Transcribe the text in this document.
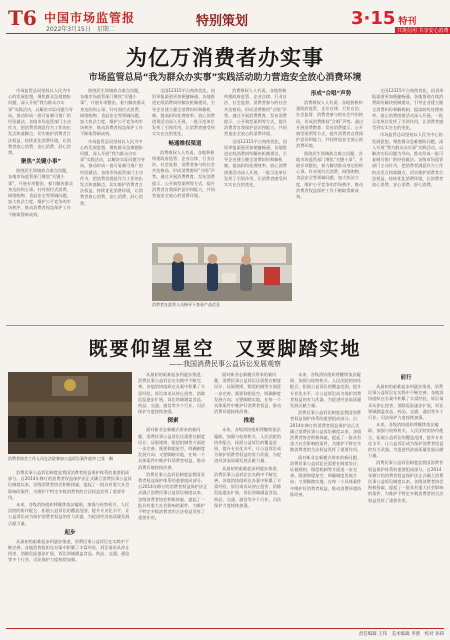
T6 中国市场监管报
2022年3月15日　 星期二
特别策划	3·15 特刊
共筑信用 共享安心消费
为亿万消费者办实事
市场监管总局“我为群众办实事”实践活动助力营造安全放心消费环境

市场监管总局坚持以人民为中心的发展思想，聚焦群众急难愁盼问题，深入开展“我为群众办实事”实践活动，以解决实际问题为导向，推动形成一批可复制可推广的经验做法。各级市场监管部门主动作为，把消费者满意作为工作的出发点和落脚点，切实维护消费者合法权益，持续优化消费环境，让消费者放心消费、安心消费、舒心消费。

聚焦“关键小事”

围绕民生领域热点难点问题，各地市场监管部门聚焦“关键小事”，开展专项整治，着力解决群众身边的烦心事。针对预付式消费、网络购物、食品安全等领域问题，加大执法力度，维护公平竞争的市场秩序，推动消费者权益保护工作不断取得新成效。

围绕民生领域热点难点问题，各地市场监管部门聚焦“关键小事”，开展专项整治，着力解决群众身边的烦心事。针对预付式消费、网络购物、食品安全等领域问题，加大执法力度，维护公平竞争的市场秩序，推动消费者权益保护工作不断取得新成效。

市场监管总局坚持以人民为中心的发展思想，聚焦群众急难愁盼问题，深入开展“我为群众办实事”实践活动，以解决实际问题为导向，推动形成一批可复制可推广的经验做法。各级市场监管部门主动作为，把消费者满意作为工作的出发点和落脚点，切实维护消费者合法权益，持续优化消费环境，让消费者放心消费、安心消费、舒心消费。

全国12315平台持续优化，投诉举报渠道更加便捷畅通。各地推进在线消费纠纷解决机制建设，引导企业建立健全消费纠纷和解机制，提高纠纷处理效率。放心消费创建活动深入开展，一批示范单位发挥了引领作用，让消费者感受到实实在在的变化。

畅通维权渠道

消费维权人人有责。各地积极构建政府监管、企业自律、行业自治、社会监督、消费者参与的社会共治格局，形成消费维权“合唱”声势。通过开展消费教育、发布消费提示、公开典型案例等方式，提升消费者自我保护意识和能力，共同营造安全放心的消费环境。

消费维权人人有责。各地积极构建政府监管、企业自律、行业自治、社会监督、消费者参与的社会共治格局，形成消费维权“合唱”声势。通过开展消费教育、发布消费提示、公开典型案例等方式，提升消费者自我保护意识和能力，共同营造安全放心的消费环境。

全国12315平台持续优化，投诉举报渠道更加便捷畅通。各地推进在线消费纠纷解决机制建设，引导企业建立健全消费纠纷和解机制，提高纠纷处理效率。放心消费创建活动深入开展，一批示范单位发挥了引领作用，让消费者感受到实实在在的变化。

形成“合唱”声势

消费维权人人有责。各地积极构建政府监管、企业自律、行业自治、社会监督、消费者参与的社会共治格局，形成消费维权“合唱”声势。通过开展消费教育、发布消费提示、公开典型案例等方式，提升消费者自我保护意识和能力，共同营造安全放心的消费环境。

围绕民生领域热点难点问题，各地市场监管部门聚焦“关键小事”，开展专项整治，着力解决群众身边的烦心事。针对预付式消费、网络购物、食品安全等领域问题，加大执法力度，维护公平竞争的市场秩序，推动消费者权益保护工作不断取得新成效。

全国12315平台持续优化，投诉举报渠道更加便捷畅通。各地推进在线消费纠纷解决机制建设，引导企业建立健全消费纠纷和解机制，提高纠纷处理效率。放心消费创建活动深入开展，一批示范单位发挥了引领作用，让消费者感受到实实在在的变化。

市场监管总局坚持以人民为中心的发展思想，聚焦群众急难愁盼问题，深入开展“我为群众办实事”实践活动，以解决实际问题为导向，推动形成一批可复制可推广的经验做法。各级市场监管部门主动作为，把消费者满意作为工作的出发点和落脚点，切实维护消费者合法权益，持续优化消费环境，让消费者放心消费、安心消费、舒心消费。

消费者在监管人员指导下查看产品信息
既要仰望星空　又要脚踏实地
——我国消费民事公益诉讼发展观察
消费者协会工作人员在法院参加公益诉讼案件庭审 □张　琳

消费民事公益诉讼制度是我国消费者权益保护体系的重要组成部分。自2014年修订的消费者权益保护法正式确立消费民事公益诉讼制度以来，各级消费者协会积极探索，提起了一批具有重大社会影响的案件，为维护不特定多数消费者的合法权益发挥了重要作用。

未来，各级消协组织将继续依法履职，加强与检察机关、人民法院的协作配合，拓展公益诉讼的覆盖范围，提升专业化水平，让公益诉讼成为保护消费者权益的有力武器，为促进经济高质量发展贡献力量。

起步

从最初的艰难起步到逐步推进，消费民事公益诉讼在实践中不断完善。各地消协组织在办案中积累了丰富经验，诉讼请求从停止侵害、消除危险逐步扩展，诉讼领域涵盖食品、药品、交通、通信等多个行业，司法保护力度持续加强。

从最初的艰难起步到逐步推进，消费民事公益诉讼在实践中不断完善。各地消协组织在办案中积累了丰富经验，诉讼请求从停止侵害、消除危险逐步扩展，诉讼领域涵盖食品、药品、交通、通信等多个行业，司法保护力度持续加强。

探索

面对新业态新模式带来的新问题，消费民事公益诉讼还需要在制度设计、证据规则、赔偿机制等方面进一步完善。既要仰望星空，明确制度发展方向；又要脚踏实地，在每一个具体案件中维护好消费者权益，推动消费环境持续改善。

消费民事公益诉讼制度是我国消费者权益保护体系的重要组成部分。自2014年修订的消费者权益保护法正式确立消费民事公益诉讼制度以来，各级消费者协会积极探索，提起了一批具有重大社会影响的案件，为维护不特定多数消费者的合法权益发挥了重要作用。

面对新业态新模式带来的新问题，消费民事公益诉讼还需要在制度设计、证据规则、赔偿机制等方面进一步完善。既要仰望星空，明确制度发展方向；又要脚踏实地，在每一个具体案件中维护好消费者权益，推动消费环境持续改善。

推进

未来，各级消协组织将继续依法履职，加强与检察机关、人民法院的协作配合，拓展公益诉讼的覆盖范围，提升专业化水平，让公益诉讼成为保护消费者权益的有力武器，为促进经济高质量发展贡献力量。

从最初的艰难起步到逐步推进，消费民事公益诉讼在实践中不断完善。各地消协组织在办案中积累了丰富经验，诉讼请求从停止侵害、消除危险逐步扩展，诉讼领域涵盖食品、药品、交通、通信等多个行业，司法保护力度持续加强。

未来，各级消协组织将继续依法履职，加强与检察机关、人民法院的协作配合，拓展公益诉讼的覆盖范围，提升专业化水平，让公益诉讼成为保护消费者权益的有力武器，为促进经济高质量发展贡献力量。

消费民事公益诉讼制度是我国消费者权益保护体系的重要组成部分。自2014年修订的消费者权益保护法正式确立消费民事公益诉讼制度以来，各级消费者协会积极探索，提起了一批具有重大社会影响的案件，为维护不特定多数消费者的合法权益发挥了重要作用。

面对新业态新模式带来的新问题，消费民事公益诉讼还需要在制度设计、证据规则、赔偿机制等方面进一步完善。既要仰望星空，明确制度发展方向；又要脚踏实地，在每一个具体案件中维护好消费者权益，推动消费环境持续改善。

前行

从最初的艰难起步到逐步推进，消费民事公益诉讼在实践中不断完善。各地消协组织在办案中积累了丰富经验，诉讼请求从停止侵害、消除危险逐步扩展，诉讼领域涵盖食品、药品、交通、通信等多个行业，司法保护力度持续加强。

未来，各级消协组织将继续依法履职，加强与检察机关、人民法院的协作配合，拓展公益诉讼的覆盖范围，提升专业化水平，让公益诉讼成为保护消费者权益的有力武器，为促进经济高质量发展贡献力量。

消费民事公益诉讼制度是我国消费者权益保护体系的重要组成部分。自2014年修订的消费者权益保护法正式确立消费民事公益诉讼制度以来，各级消费者协会积极探索，提起了一批具有重大社会影响的案件，为维护不特定多数消费者的合法权益发挥了重要作用。

责任编辑 王伟　美术编辑 李蕾　校对 孙莉
